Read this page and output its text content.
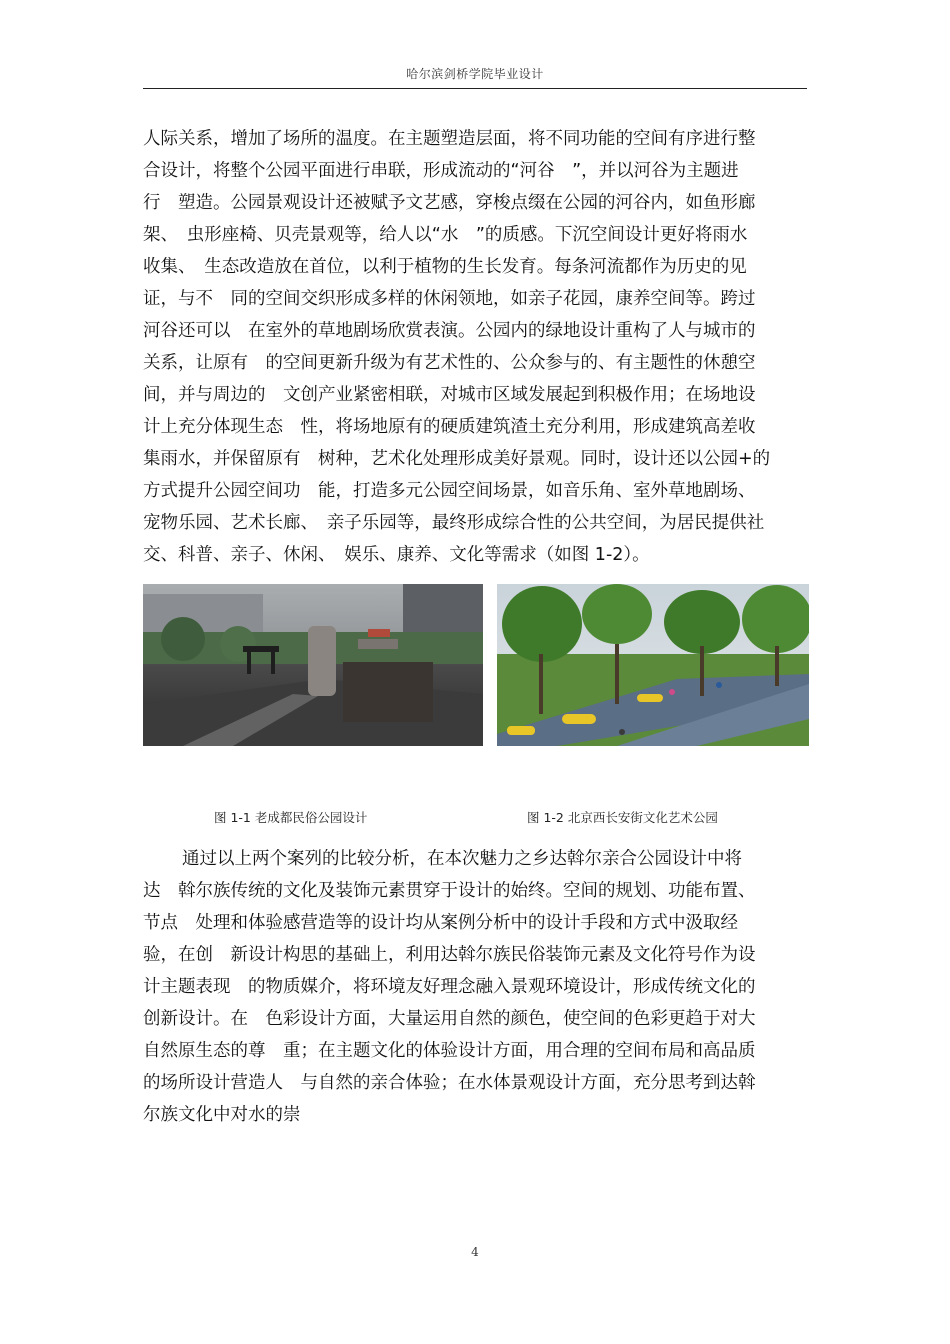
哈尔滨剑桥学院毕业设计
人际关系，增加了场所的温度。在主题塑造层面，将不同功能的空间有序进行整
合设计，将整个公园平面进行串联，形成流动的“河谷　”，并以河谷为主题进
行　塑造。公园景观设计还被赋予文艺感，穿梭点缀在公园的河谷内，如鱼形廊
架、　虫形座椅、贝壳景观等，给人以“水　”的质感。下沉空间设计更好将雨水
收集、　生态改造放在首位，以利于植物的生长发育。每条河流都作为历史的见
证，与不　同的空间交织形成多样的休闲领地，如亲子花园，康养空间等。跨过
河谷还可以　在室外的草地剧场欣赏表演。公园内的绿地设计重构了人与城市的
关系，让原有　的空间更新升级为有艺术性的、公众参与的、有主题性的休憩空
间，并与周边的　文创产业紧密相联，对城市区域发展起到积极作用；在场地设
计上充分体现生态　性，将场地原有的硬质建筑渣土充分利用，形成建筑高差收
集雨水，并保留原有　树种，艺术化处理形成美好景观。同时，设计还以公园+的
方式提升公园空间功　能，打造多元公园空间场景，如音乐角、室外草地剧场、
宠物乐园、艺术长廊、　亲子乐园等，最终形成综合性的公共空间，为居民提供社
交、科普、亲子、休闲、　娱乐、康养、文化等需求（如图 1-2）。
图 1-1 老成都民俗公园设计	图 1-2 北京西长安街文化艺术公园
通过以上两个案列的比较分析，在本次魅力之乡达斡尔亲合公园设计中将
达　斡尔族传统的文化及装饰元素贯穿于设计的始终。空间的规划、功能布置、
节点　处理和体验感营造等的设计均从案例分析中的设计手段和方式中汲取经
验，在创　新设计构思的基础上，利用达斡尔族民俗装饰元素及文化符号作为设
计主题表现　的物质媒介，将环境友好理念融入景观环境设计，形成传统文化的
创新设计。在　色彩设计方面，大量运用自然的颜色，使空间的色彩更趋于对大
自然原生态的尊　重；在主题文化的体验设计方面，用合理的空间布局和高品质
的场所设计营造人　与自然的亲合体验；在水体景观设计方面，充分思考到达斡
尔族文化中对水的崇
4
